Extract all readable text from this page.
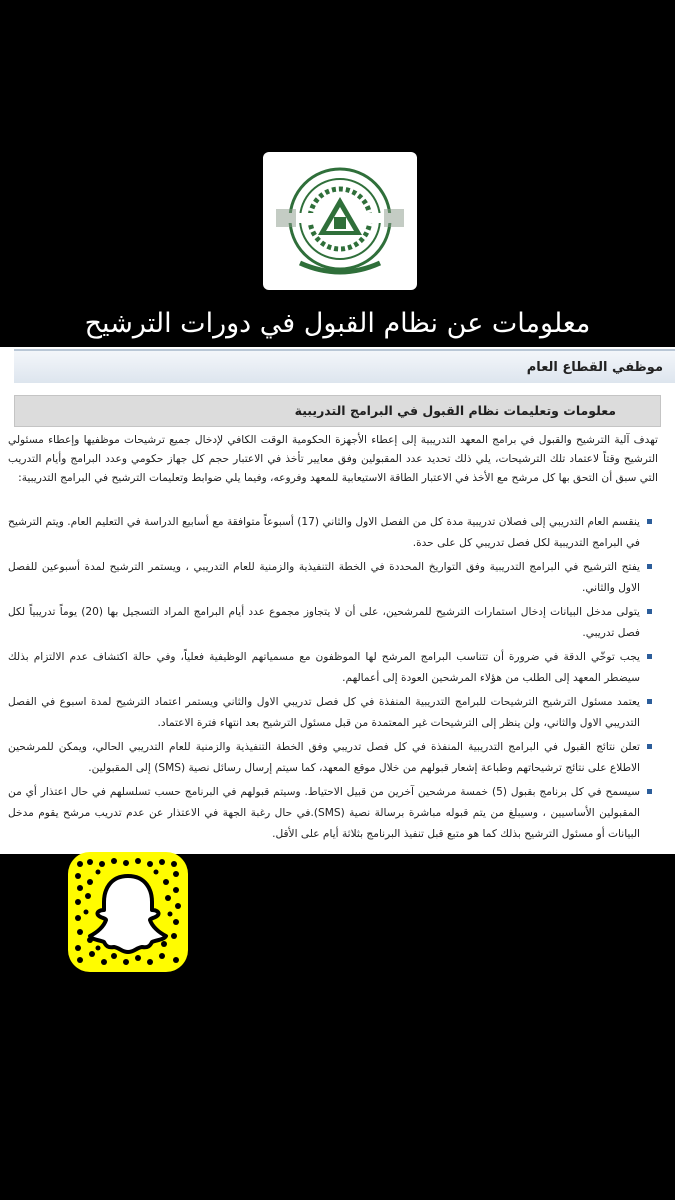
معلومات عن نظام القبول في دورات الترشيح
موظفي القطاع العام
معلومات وتعليمات نظام القبول في البرامج التدريبية
تهدف آلية الترشيح والقبول في برامج المعهد التدريبية إلى إعطاء الأجهزة الحكومية الوقت الكافي لإدخال جميع ترشيحات موظفيها وإعطاء مسئولي الترشيح وقتاً لاعتماد تلك الترشيحات، يلي ذلك تحديد عدد المقبولين وفق معايير تأخذ في الاعتبار حجم كل جهاز حكومي وعدد البرامج وأيام التدريب التي سبق أن التحق بها كل مرشح مع الأخذ في الاعتبار الطاقة الاستيعابية للمعهد وفروعه، وفيما يلي ضوابط وتعليمات الترشيح في البرامج التدريبية:
ينقسم العام التدريبي إلى فصلان تدريبية مدة كل من الفصل الاول والثاني (17) أسبوعاً متوافقة مع أسابيع الدراسة في التعليم العام. ويتم الترشيح في البرامج التدريبية لكل فصل تدريبي كل على حدة.
يفتح الترشيح في البرامج التدريبية وفق التواريخ المحددة في الخطة التنفيذية والزمنية للعام التدريبي ، ويستمر الترشيح لمدة أسبوعين للفصل الاول والثاني.
يتولى مدخل البيانات إدخال استمارات الترشيح للمرشحين، على أن لا يتجاوز مجموع عدد أيام البرامج المراد التسجيل بها (20) يوماً تدريبياً لكل فصل تدريبي.
يجب توخّي الدقة في ضرورة أن تتناسب البرامج المرشح لها الموظفون مع مسمياتهم الوظيفية فعلياً، وفي حالة اكتشاف عدم الالتزام بذلك سيضطر المعهد إلى الطلب من هؤلاء المرشحين العودة إلى أعمالهم.
يعتمد مسئول الترشيح الترشيحات للبرامج التدريبية المنفذة في كل فصل تدريبي الاول والثاني ويستمر اعتماد الترشيح لمدة اسبوع في الفصل التدريبي الاول والثاني، ولن ينظر إلى الترشيحات غير المعتمدة من قبل مسئول الترشيح بعد انتهاء فترة الاعتماد.
تعلن نتائج القبول في البرامج التدريبية المنفذة في كل فصل تدريبي وفق الخطة التنفيذية والزمنية للعام التدريبي الحالي، ويمكن للمرشحين الاطلاع على نتائج ترشيحاتهم وطباعة إشعار قبولهم من خلال موقع المعهد، كما سيتم إرسال رسائل نصية (SMS) إلى المقبولين.
سيسمح في كل برنامج بقبول (5) خمسة مرشحين آخرين من قبيل الاحتياط. وسيتم قبولهم في البرنامج حسب تسلسلهم في حال اعتذار أي من المقبولين الأساسيين ، وسيبلغ من يتم قبوله مباشرة برسالة نصية (SMS).في حال رغبة الجهة في الاعتذار عن عدم تدريب مرشح يقوم مدخل البيانات أو مسئول الترشيح بذلك كما هو متبع قبل تنفيذ البرنامج بثلاثة أيام على الأقل.
